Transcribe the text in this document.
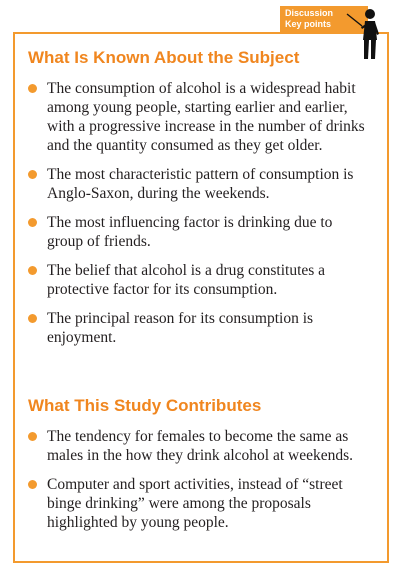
Discussion
Key points
What Is Known About the Subject
The consumption of alcohol is a widespread habit among young people, starting earlier and earlier, with a progressive increase in the number of drinks and the quantity consumed as they get older.
The most characteristic pattern of consumption is Anglo-Saxon, during the weekends.
The most influencing factor is drinking due to group of friends.
The belief that alcohol is a drug constitutes a protective factor for its consumption.
The principal reason for its consumption is enjoyment.
What This Study Contributes
The tendency for females to become the same as males in the how they drink alcohol at weekends.
Computer and sport activities, instead of “street binge drinking” were among the proposals highlighted by young people.
